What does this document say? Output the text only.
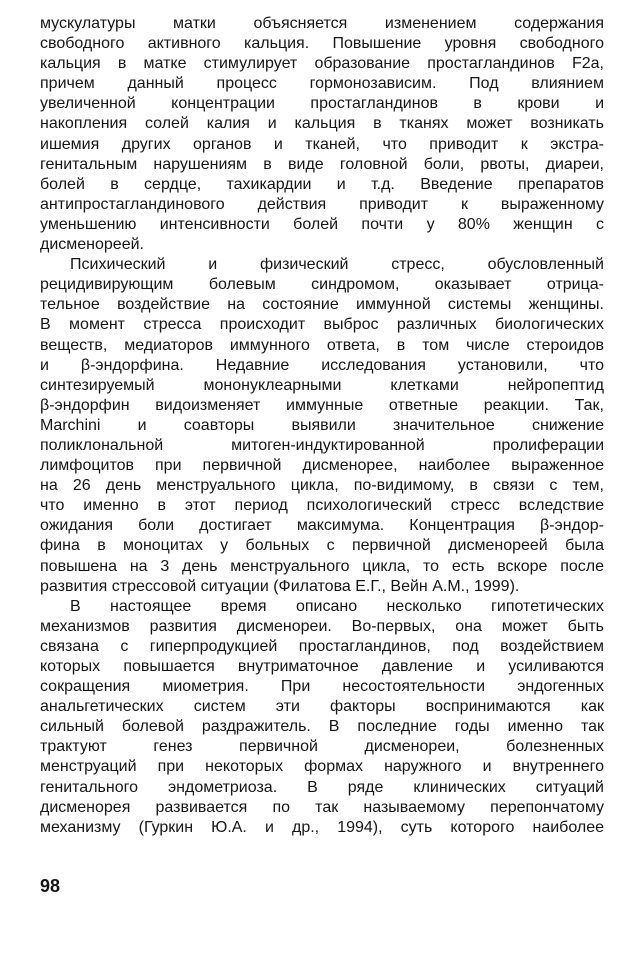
мускулатуры матки объясняется изменением содержания
свободного активного кальция. Повышение уровня свободного
кальция в матке стимулирует образование простагландинов F2a,
причем данный процесс гормонозависим. Под влиянием
увеличенной концентрации простагландинов в крови и
накопления солей калия и кальция в тканях может возникать
ишемия других органов и тканей, что приводит к экстра-
генитальным нарушениям в виде головной боли, рвоты, диареи,
болей в сердце, тахикардии и т.д. Введение препаратов
антипростагландинового действия приводит к выраженному
уменьшению интенсивности болей почти у 80% женщин с
дисменореей.
Психический и физический стресс, обусловленный
рецидивирующим болевым синдромом, оказывает отрица-
тельное воздействие на состояние иммунной системы женщины.
В момент стресса происходит выброс различных биологических
веществ, медиаторов иммунного ответа, в том числе стероидов
и β-эндорфина. Недавние исследования установили, что
синтезируемый мононуклеарными клетками нейропептид
β-эндорфин видоизменяет иммунные ответные реакции. Так,
Marchini и соавторы выявили значительное снижение
поликлональной митоген-индуктированной пролиферации
лимфоцитов при первичной дисменорее, наиболее выраженное
на 26 день менструального цикла, по-видимому, в связи с тем,
что именно в этот период психологический стресс вследствие
ожидания боли достигает максимума. Концентрация β-эндор-
фина в моноцитах у больных с первичной дисменореей была
повышена на 3 день менструального цикла, то есть вскоре после
развития стрессовой ситуации (Филатова Е.Г., Вейн А.М., 1999).
В настоящее время описано несколько гипотетических
механизмов развития дисменореи. Во-первых, она может быть
связана с гиперпродукцией простагландинов, под воздействием
которых повышается внутриматочное давление и усиливаются
сокращения миометрия. При несостоятельности эндогенных
анальгетических систем эти факторы воспринимаются как
сильный болевой раздражитель. В последние годы именно так
трактуют генез первичной дисменореи, болезненных
менструаций при некоторых формах наружного и внутреннего
генитального эндометриоза. В ряде клинических ситуаций
дисменорея развивается по так называемому перепончатому
механизму (Гуркин Ю.А. и др., 1994), суть которого наиболее
98
